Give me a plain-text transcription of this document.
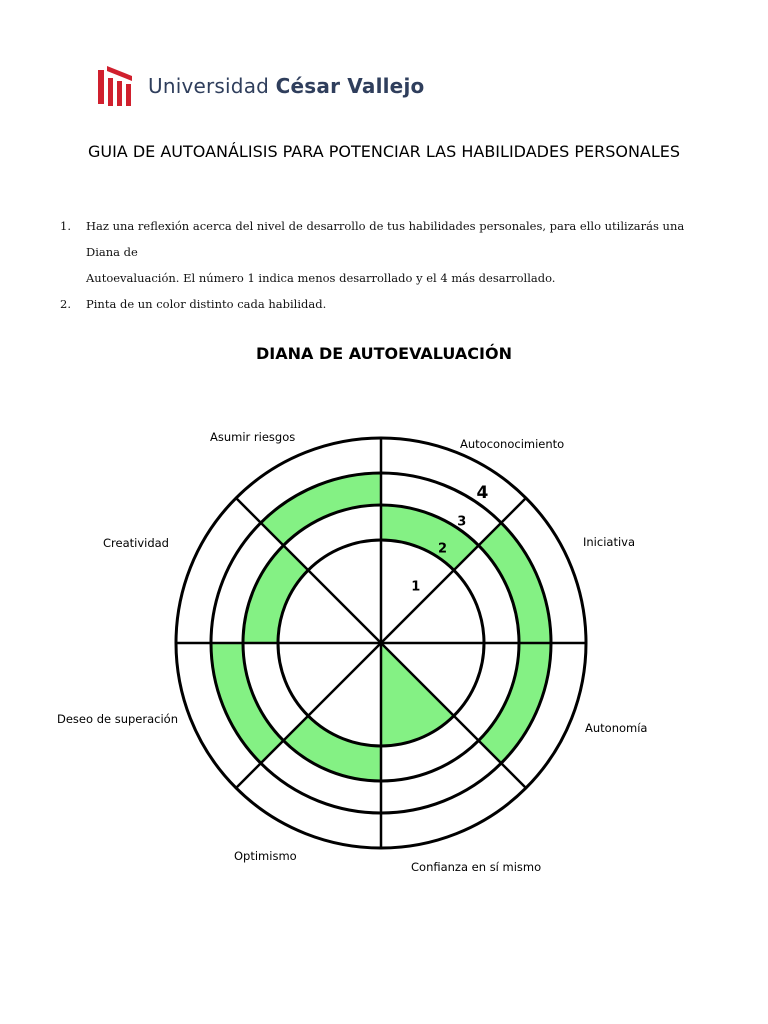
Universidad César Vallejo
GUIA DE AUTOANÁLISIS PARA POTENCIAR LAS HABILIDADES PERSONALES
1.	Haz una reflexión acerca del nivel de desarrollo de tus habilidades personales, para ello utilizarás una Diana de
Autoevaluación. El número 1 indica menos desarrollado y el 4 más desarrollado.
2.	Pinta de un color distinto cada habilidad.
DIANA DE AUTOEVALUACIÓN
1
2
3
4
Asumir riesgos	Autoconocimiento
Creatividad	Iniciativa
Deseo de superación
Autonomía
Optimismo
Confianza en sí mismo
